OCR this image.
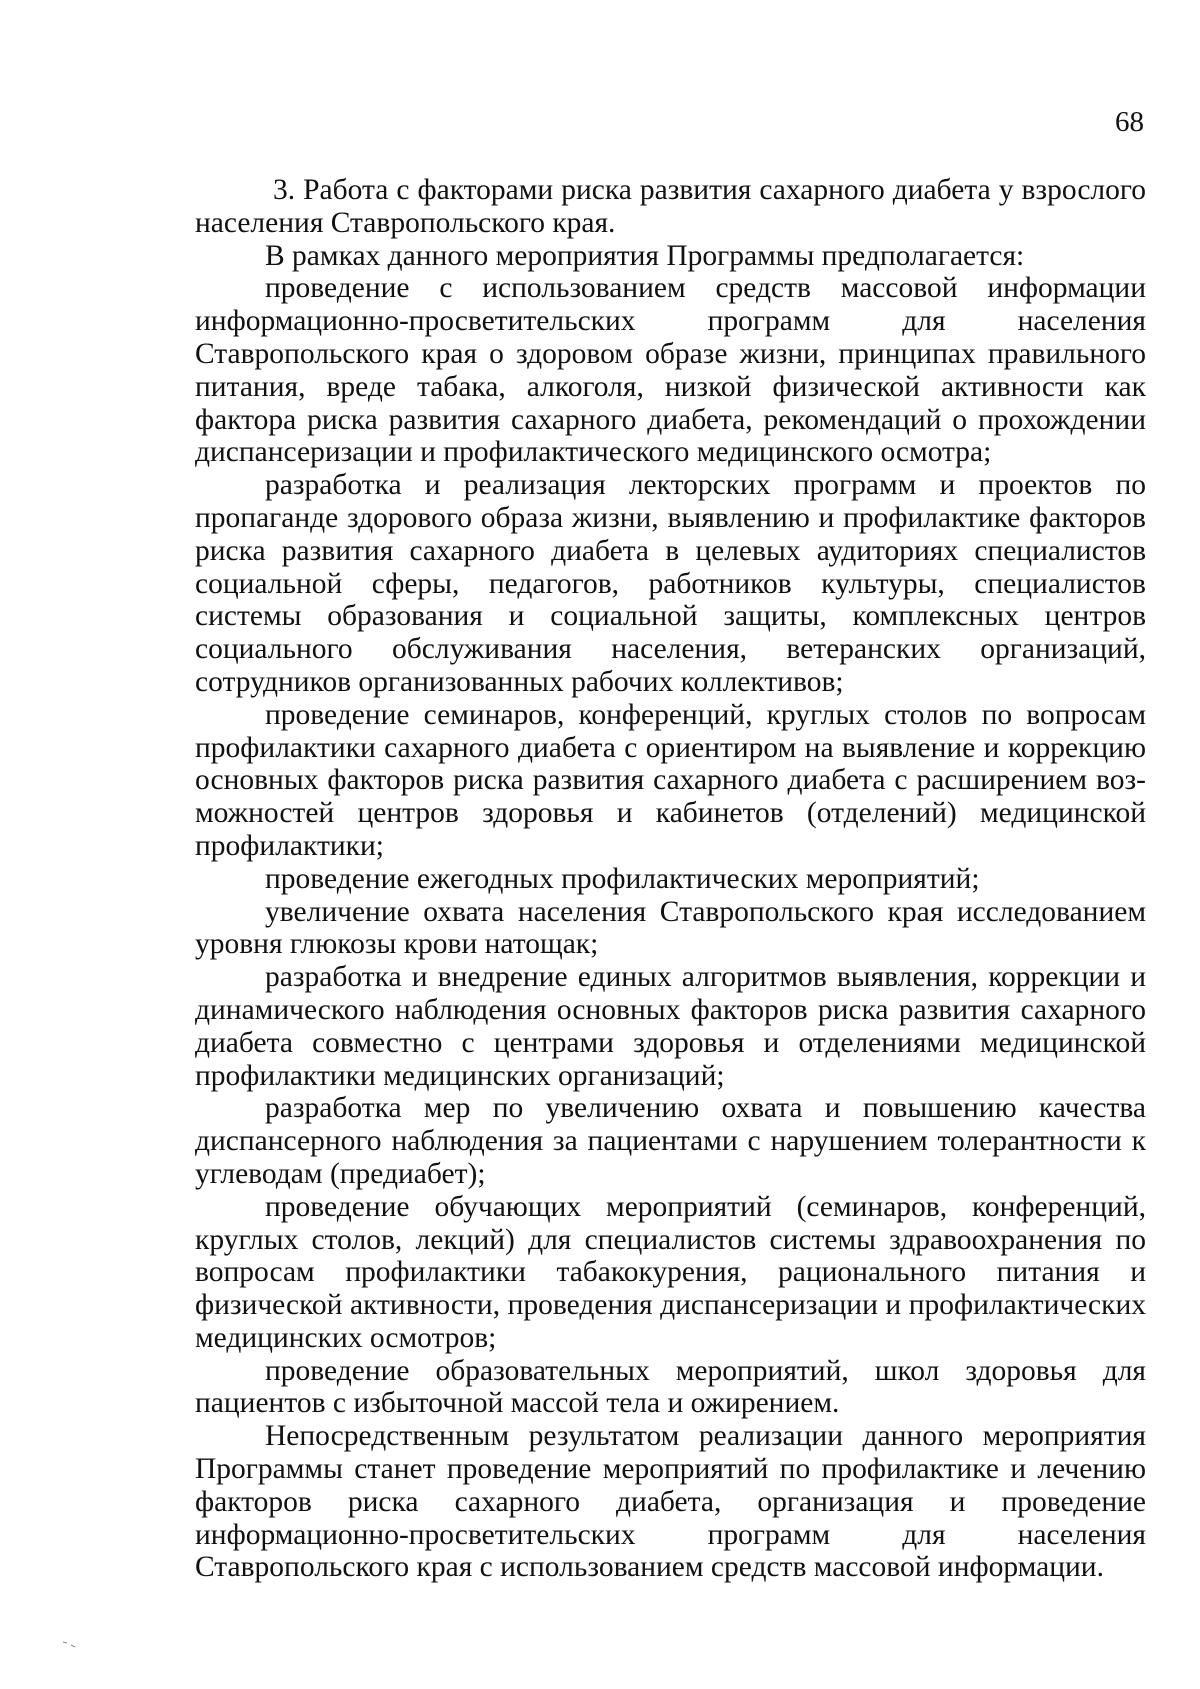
68

3. Работа с факторами риска развития сахарного диабета у взрослого населения Ставропольского края.

В рамках данного мероприятия Программы предполагается:

проведение с использованием средств массовой информации информационно-просветительских программ для населения Ставропольского края о здоровом образе жизни, принципах правильного питания, вреде табака, алкоголя, низкой физической активности как фактора риска развития сахарного диабета, рекомендаций о прохождении диспансеризации и профилактического медицинского осмотра;

разработка и реализация лекторских программ и проектов по пропаганде здорового образа жизни, выявлению и профилактике факторов риска развития сахарного диабета в целевых аудиториях специалистов социальной сферы, педагогов, работников культуры, специалистов системы образования и социальной защиты, комплексных центров социального обслуживания населения, ветеранских организаций, сотрудников организованных рабочих коллективов;

проведение семинаров, конференций, круглых столов по вопросам профилактики сахарного диабета с ориентиром на выявление и коррекцию основных факторов риска развития сахарного диабета с расширением возможностей центров здоровья и кабинетов (отделений) медицинской профилактики;

проведение ежегодных профилактических мероприятий;

увеличение охвата населения Ставропольского края исследованием уровня глюкозы крови натощак;

разработка и внедрение единых алгоритмов выявления, коррекции и динамического наблюдения основных факторов риска развития сахарного диабета совместно с центрами здоровья и отделениями медицинской профилактики медицинских организаций;

разработка мер по увеличению охвата и повышению качества диспансерного наблюдения за пациентами с нарушением толерантности к углеводам (предиабет);

проведение обучающих мероприятий (семинаров, конференций, круглых столов, лекций) для специалистов системы здравоохранения по вопросам профилактики табакокурения, рационального питания и физической активности, проведения диспансеризации и профилактических медицинских осмотров;

проведение образовательных мероприятий, школ здоровья для пациентов с избыточной массой тела и ожирением.

Непосредственным результатом реализации данного мероприятия Программы станет проведение мероприятий по профилактике и лечению факторов риска сахарного диабета, организация и проведение информационно-просветительских программ для населения Ставропольского края с использованием средств массовой информации.
